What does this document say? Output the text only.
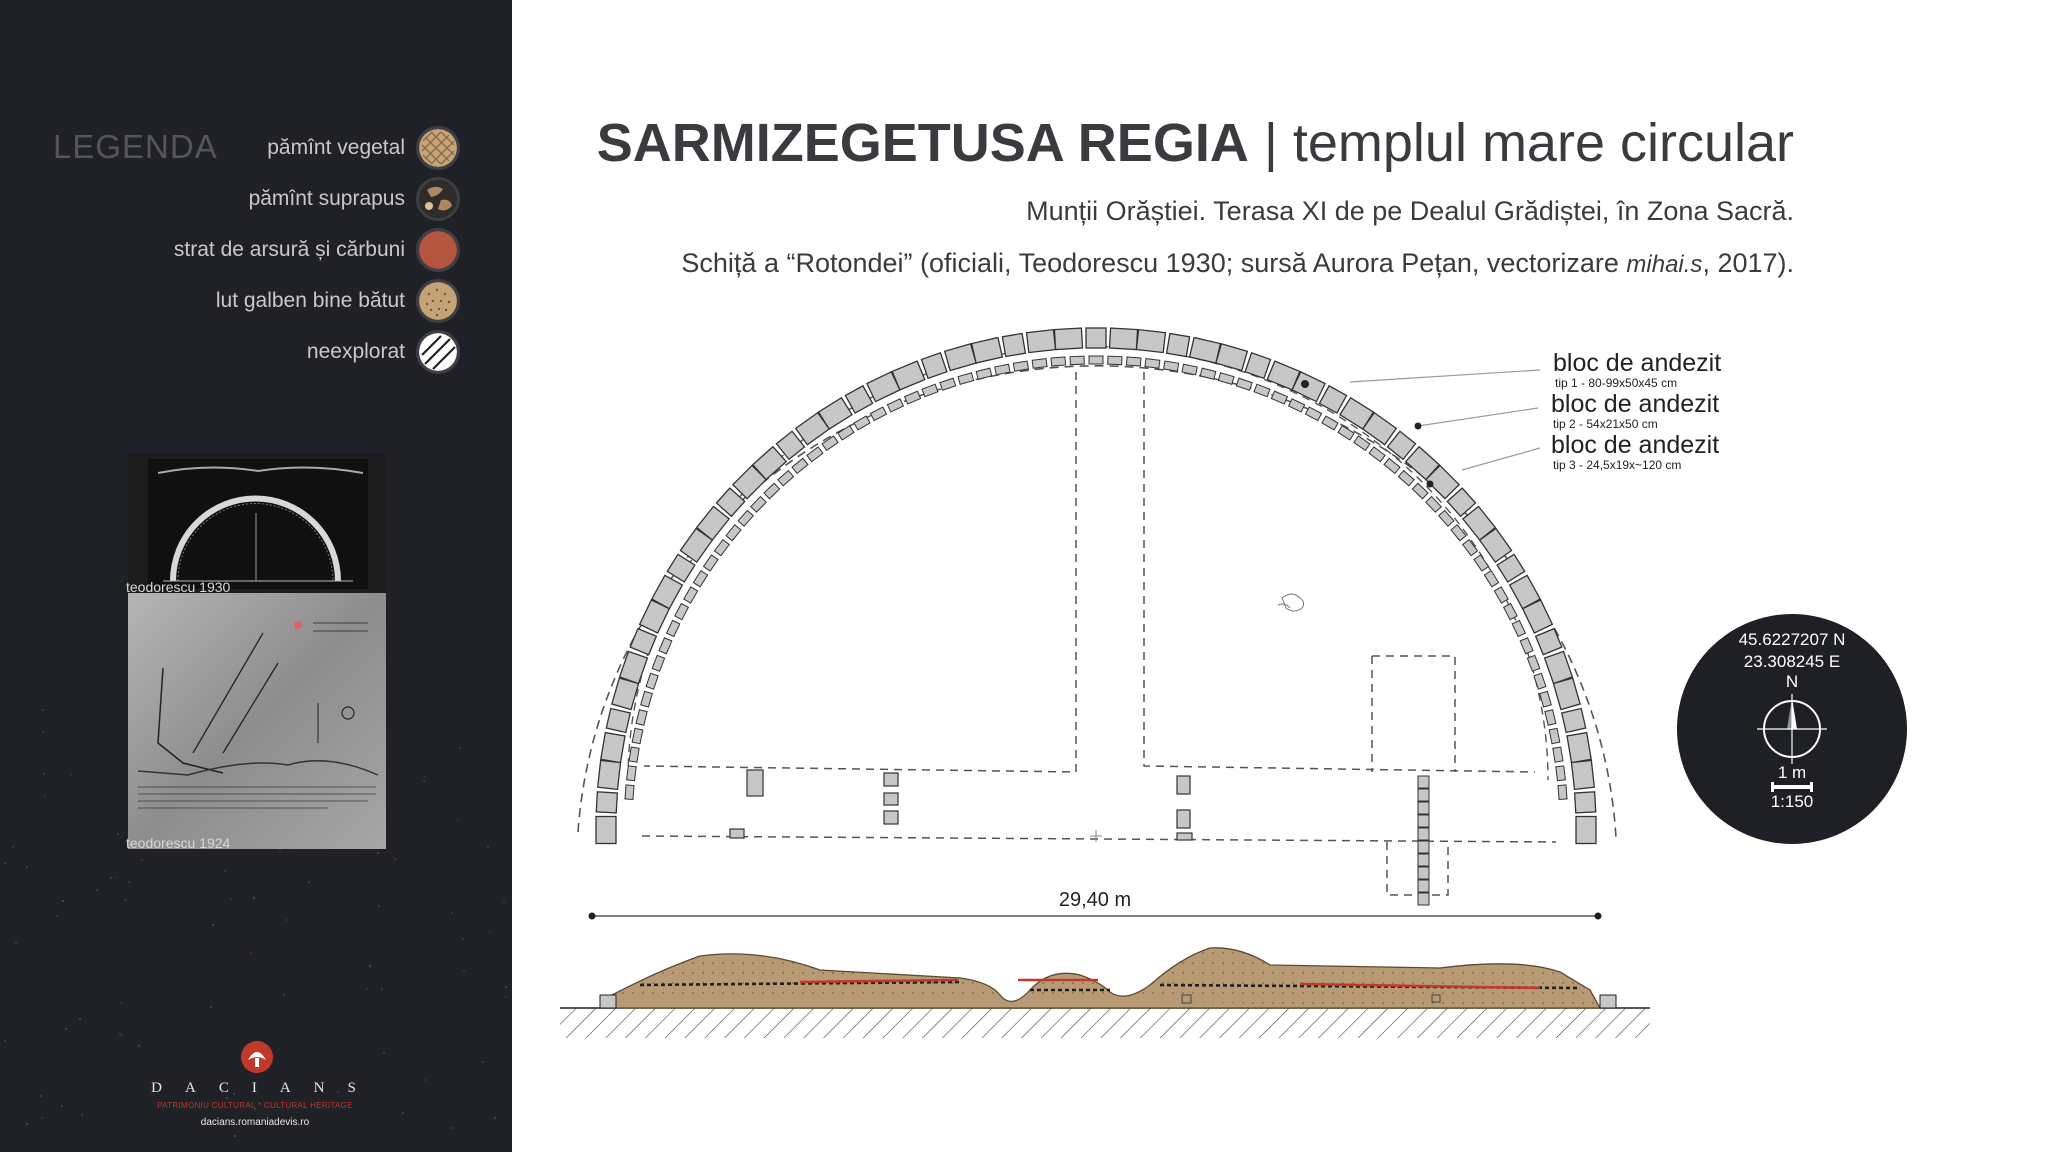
LEGENDA pămînt vegetal
pămînt suprapus
strat de arsură și cărbuni
lut galben bine bătut
neexplorat
teodorescu 1930
teodorescu 1924
DACIANS
PATRIMONIU CULTURAL * CULTURAL HERITAGE
dacians.romaniadevis.ro
SARMIZEGETUSA REGIA | templul mare circular
Munții Orăștiei. Terasa XI de pe Dealul Grădiștei, în Zona Sacră.
Schiță a “Rotondei” (oficiali, Teodorescu 1930; sursă Aurora Pețan, vectorizare mihai.s, 2017).
bloc de andezit
tip 1 - 80-99x50x45 cm
bloc de andezit
tip 2 - 54x21x50 cm
bloc de andezit
tip 3 - 24,5x19x~120 cm
29,40 m
45.6227207 N
23.308245 E
N
1 m
1:150
